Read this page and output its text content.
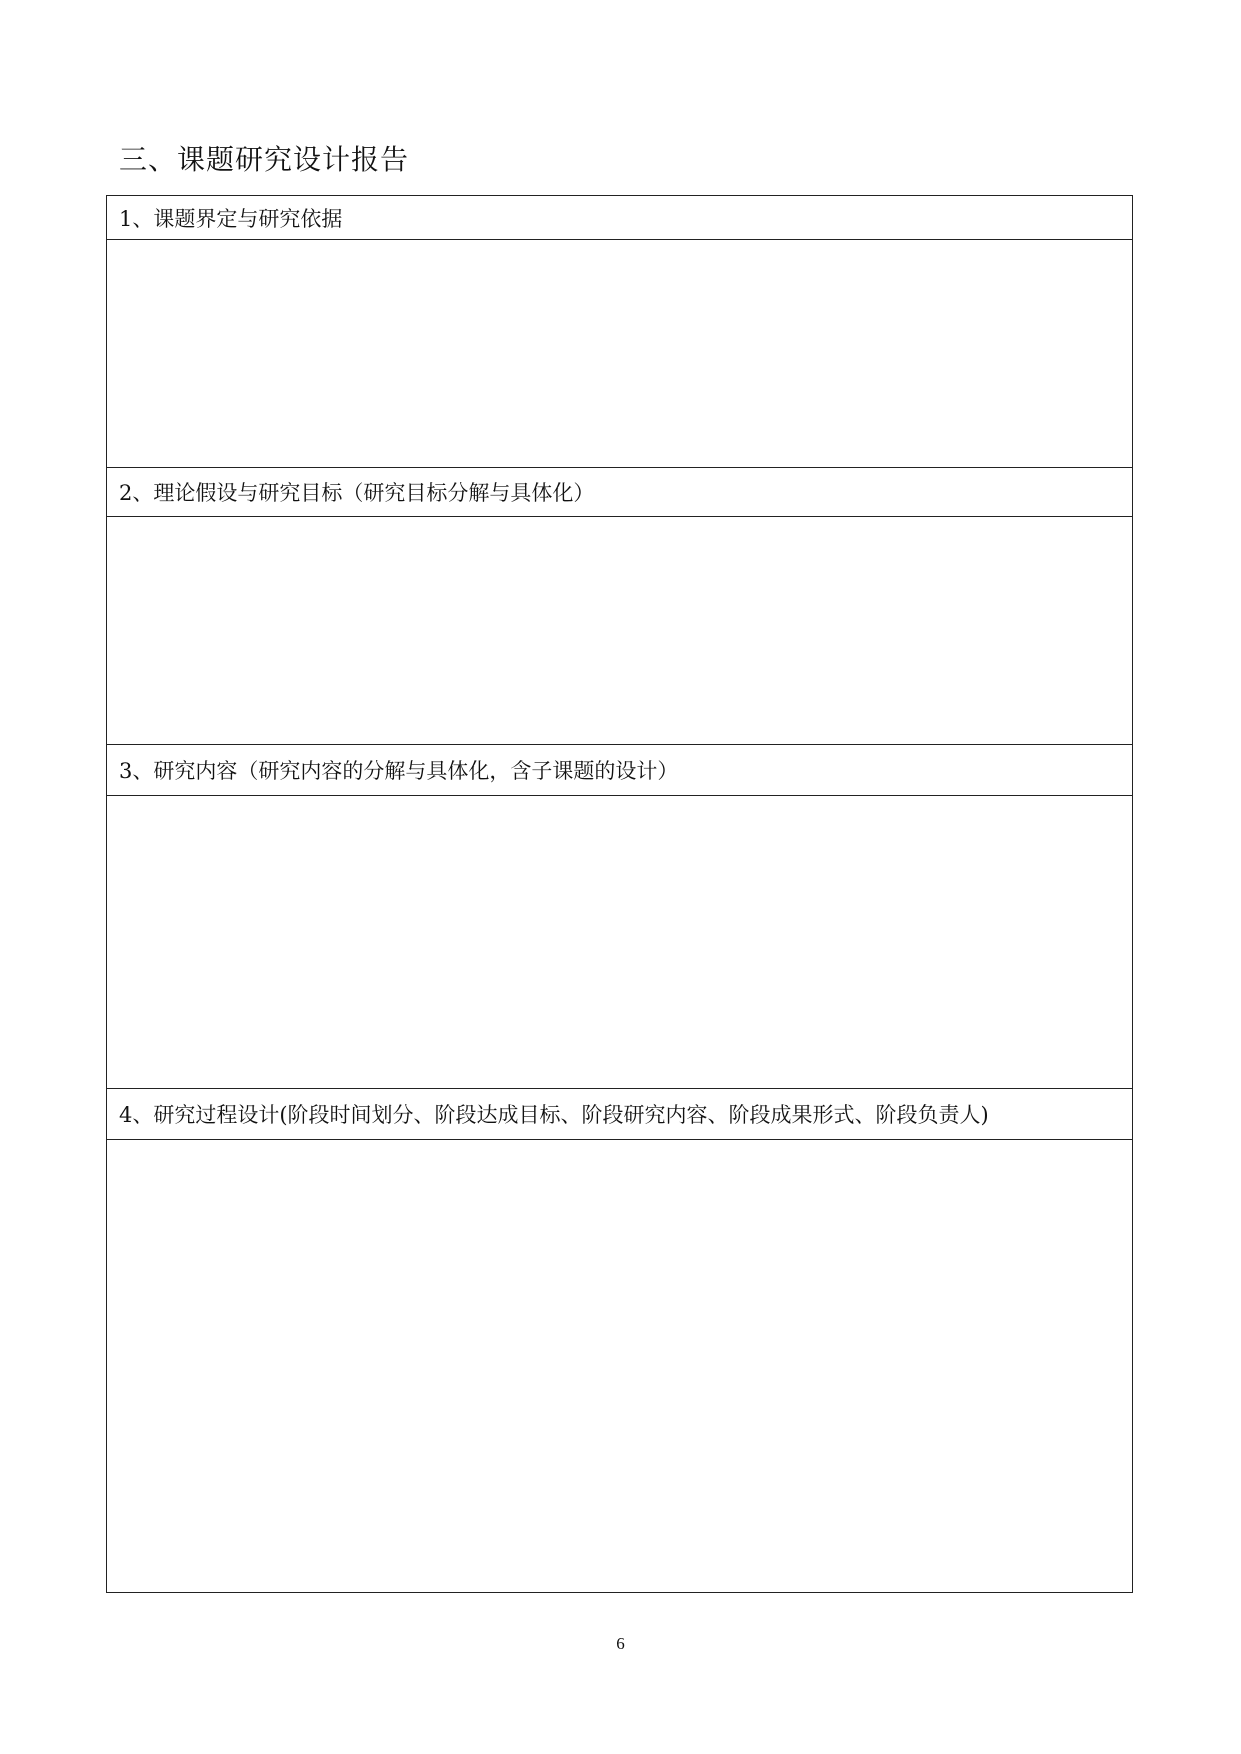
三、课题研究设计报告
1、课题界定与研究依据
2、理论假设与研究目标（研究目标分解与具体化）
3、研究内容（研究内容的分解与具体化，含子课题的设计）
4、研究过程设计(阶段时间划分、阶段达成目标、阶段研究内容、阶段成果形式、阶段负责人)
6
